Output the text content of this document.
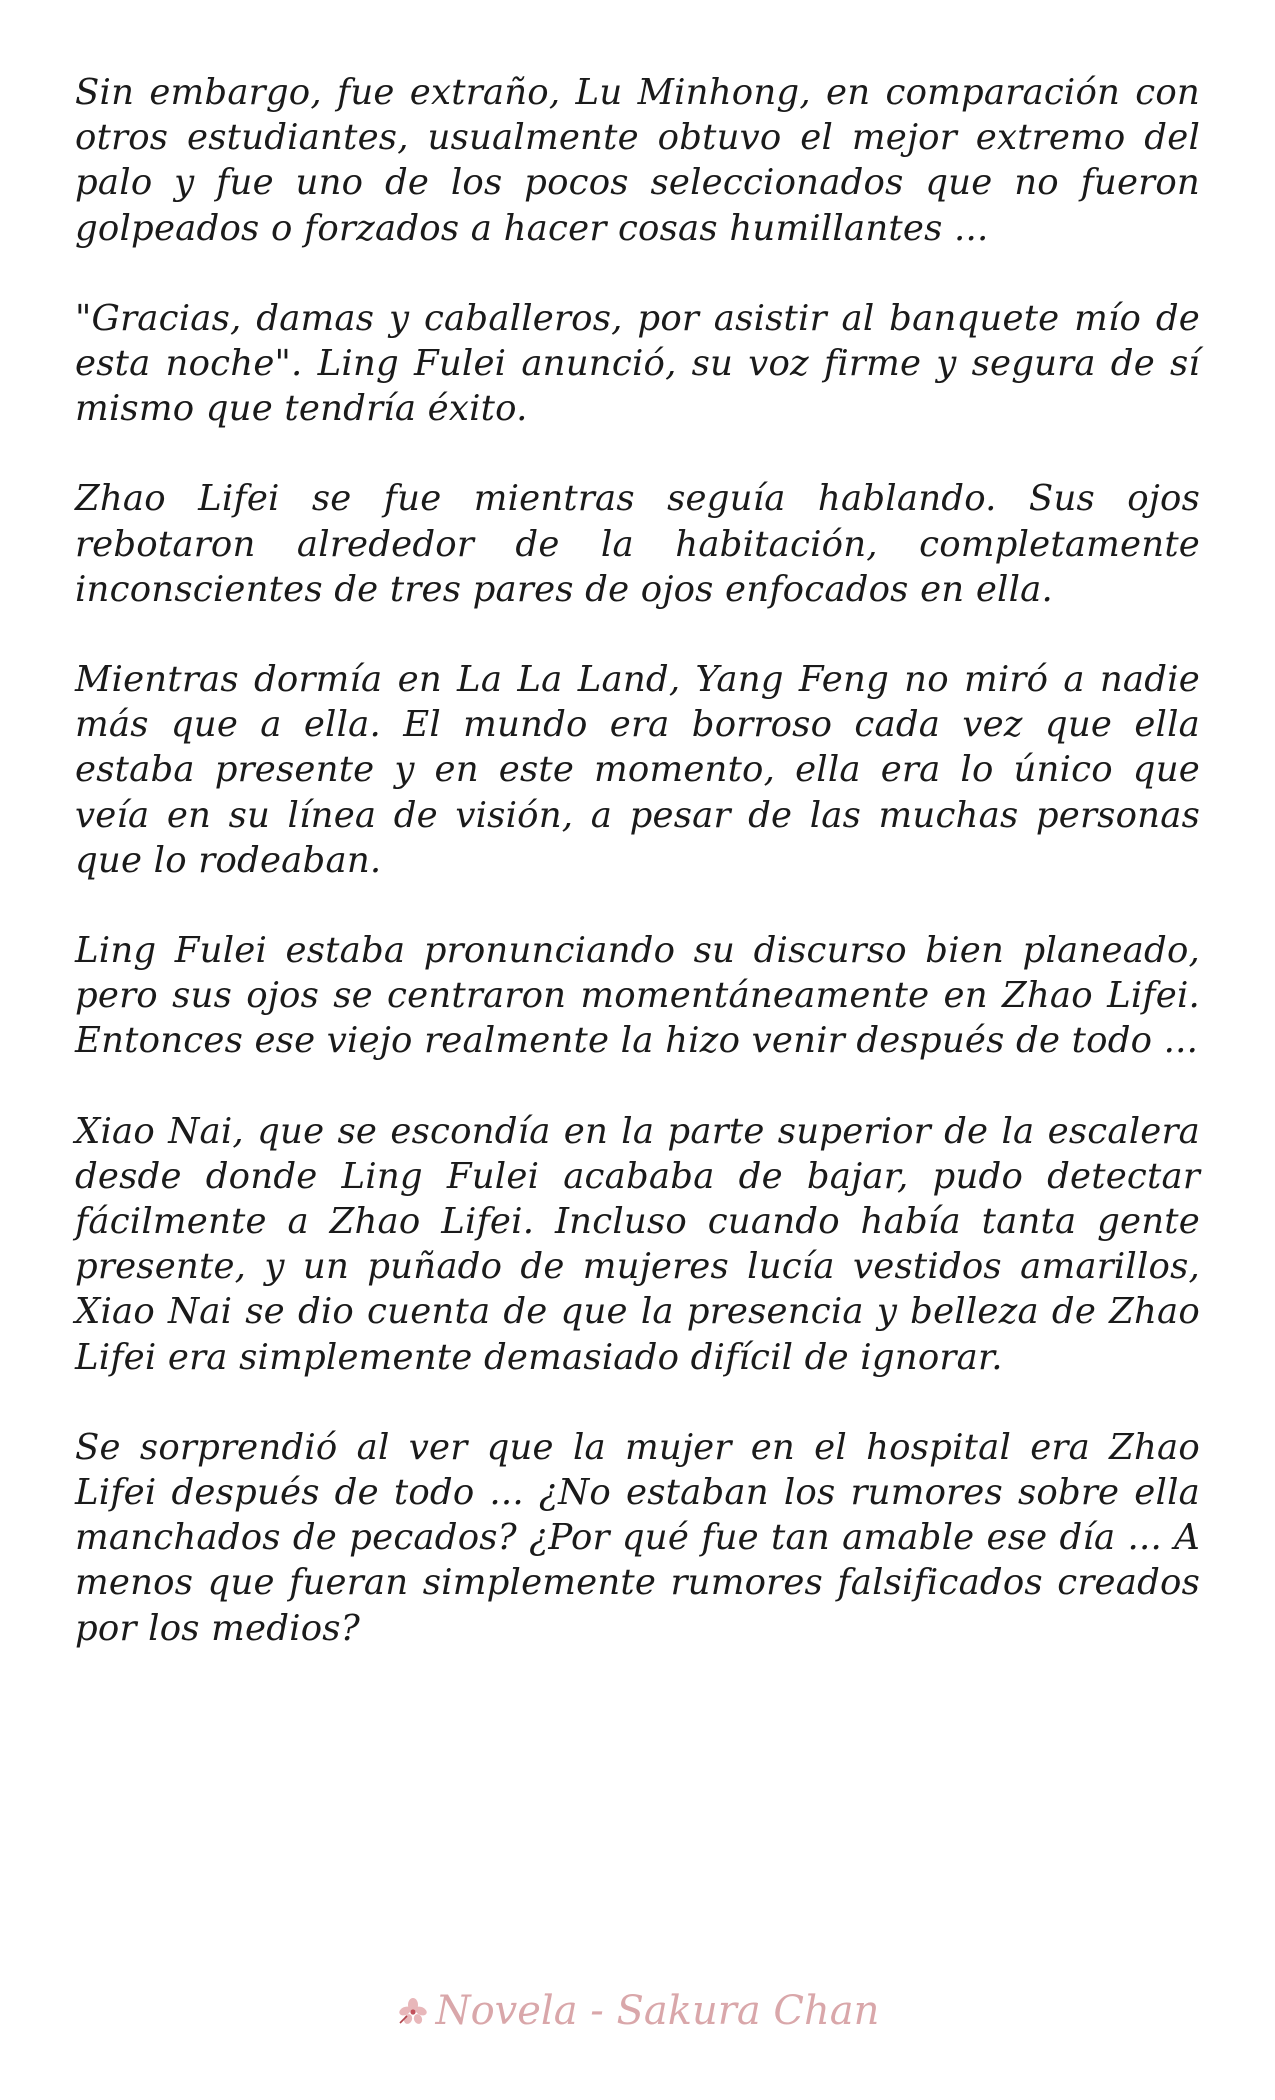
Sin embargo, fue extraño, Lu Minhong, en comparación con otros estudiantes, usualmente obtuvo el mejor extremo del palo y fue uno de los pocos seleccionados que no fueron golpeados o forzados a hacer cosas humillantes ...

"Gracias, damas y caballeros, por asistir al banquete mío de esta noche". Ling Fulei anunció, su voz firme y segura de sí mismo que tendría éxito.

Zhao Lifei se fue mientras seguía hablando. Sus ojos rebotaron alrededor de la habitación, completamente inconscientes de tres pares de ojos enfocados en ella.

Mientras dormía en La La Land, Yang Feng no miró a nadie más que a ella. El mundo era borroso cada vez que ella estaba presente y en este momento, ella era lo único que veía en su línea de visión, a pesar de las muchas personas que lo rodeaban.

Ling Fulei estaba pronunciando su discurso bien planeado, pero sus ojos se centraron momentáneamente en Zhao Lifei. Entonces ese viejo realmente la hizo venir después de todo ...

Xiao Nai, que se escondía en la parte superior de la escalera desde donde Ling Fulei acababa de bajar, pudo detectar fácilmente a Zhao Lifei. Incluso cuando había tanta gente presente, y un puñado de mujeres lucía vestidos amarillos, Xiao Nai se dio cuenta de que la presencia y belleza de Zhao Lifei era simplemente demasiado difícil de ignorar.

Se sorprendió al ver que la mujer en el hospital era Zhao Lifei después de todo ... ¿No estaban los rumores sobre ella manchados de pecados? ¿Por qué fue tan amable ese día ... A menos que fueran simplemente rumores falsificados creados por los medios?

Novela - Sakura Chan
